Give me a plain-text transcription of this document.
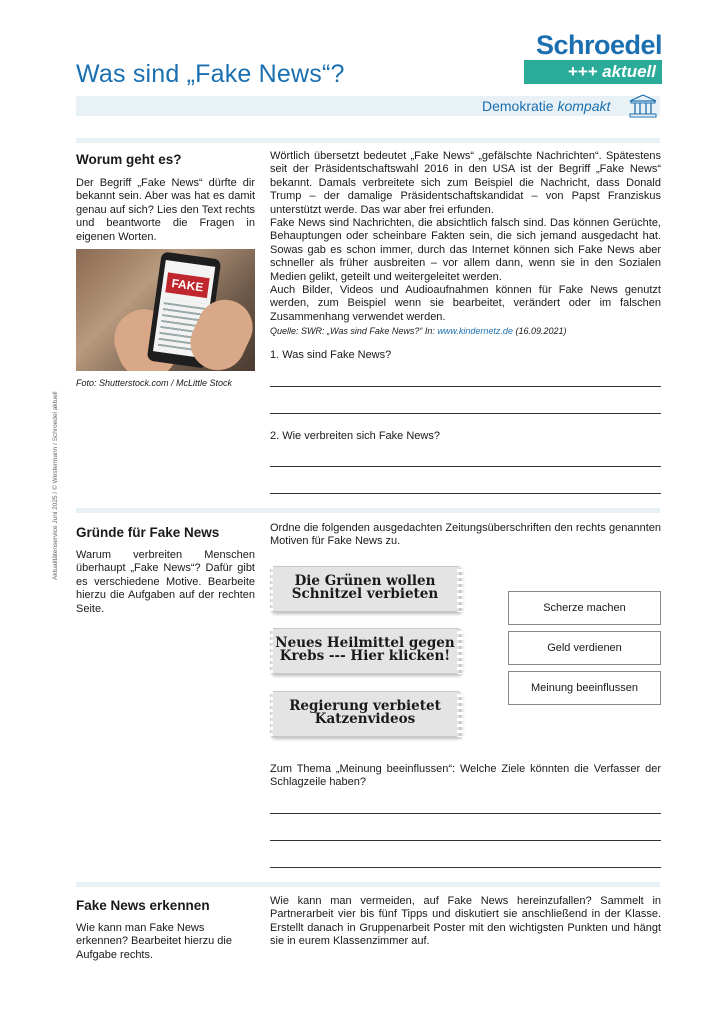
Was sind „Fake News“?
Schroedel
+++ aktuell
Demokratie kompakt
Aktualitätenservice Juni 2025 / © Westermann / Schroedel aktuell
Worum geht es?
Der Begriff „Fake News“ dürfte dir bekannt sein. Aber was hat es damit genau auf sich? Lies den Text rechts und beantworte die Fragen in eigenen Worten.
FAKE
Foto: Shutterstock.com / McLittle Stock
Wörtlich übersetzt bedeutet „Fake News“ „gefälschte Nachrichten“. Spätestens seit der Präsidentschaftswahl 2016 in den USA ist der Begriff „Fake News“ bekannt. Damals verbreitete sich zum Beispiel die Nachricht, dass Donald Trump – der damalige Präsidentschaftskandidat – von Papst Franziskus unterstützt werde. Das war aber frei erfunden.
Fake News sind Nachrichten, die absichtlich falsch sind. Das können Gerüchte, Behauptungen oder scheinbare Fakten sein, die sich jemand ausgedacht hat. Sowas gab es schon immer, durch das Internet können sich Fake News aber schneller als früher ausbreiten – vor allem dann, wenn sie in den Sozialen Medien gelikt, geteilt und weitergeleitet werden.
Auch Bilder, Videos und Audioaufnahmen können für Fake News genutzt werden, zum Beispiel wenn sie bearbeitet, verändert oder im falschen Zusammenhang verwendet werden.
Quelle: SWR: „Was sind Fake News?“ In: www.kindernetz.de (16.09.2021)
1. Was sind Fake News?
2. Wie verbreiten sich Fake News?
Gründe für Fake News
Warum verbreiten Menschen überhaupt „Fake News“? Dafür gibt es verschiedene Motive. Bearbeite hierzu die Aufgaben auf der rechten Seite.
Ordne die folgenden ausgedachten Zeitungsüberschriften den rechts genannten Motiven für Fake News zu.
Die Grünen wollen
Schnitzel verbieten
Neues Heilmittel gegen
Krebs --- Hier klicken!
Regierung verbietet
Katzenvideos
Scherze machen
Geld verdienen
Meinung beeinflussen
Zum Thema „Meinung beeinflussen“: Welche Ziele könnten die Verfasser der Schlagzeile haben?
Fake News erkennen
Wie kann man Fake News erkennen? Bearbeitet hierzu die Aufgabe rechts.
Wie kann man vermeiden, auf Fake News hereinzufallen? Sammelt in Partnerarbeit vier bis fünf Tipps und diskutiert sie anschließend in der Klasse. Erstellt danach in Gruppenarbeit Poster mit den wichtigsten Punkten und hängt sie in eurem Klassenzimmer auf.
